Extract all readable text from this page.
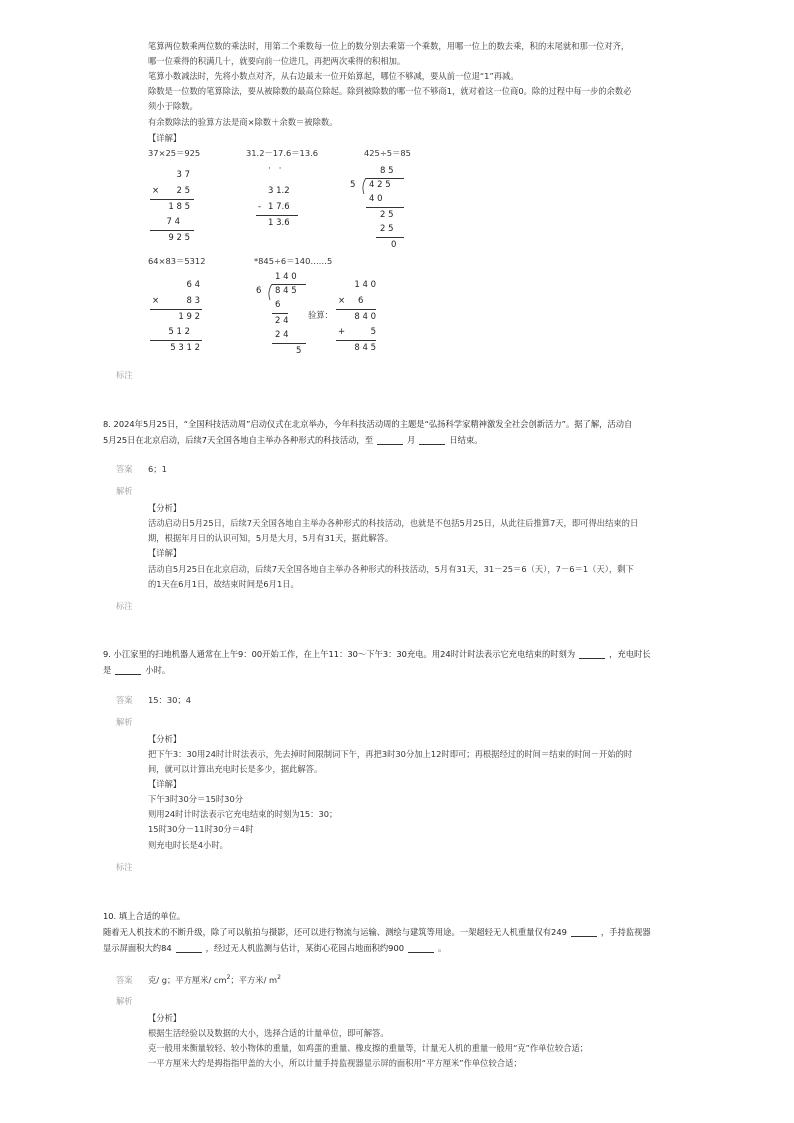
笔算两位数乘两位数的乘法时，用第二个乘数每一位上的数分别去乘第一个乘数，用哪一位上的数去乘，积的末尾就和那一位对齐，
哪一位乘得的积满几十，就要向前一位进几，再把两次乘得的积相加。
笔算小数减法时，先将小数点对齐，从右边最末一位开始算起，哪位不够减，要从前一位退“1”再减。
除数是一位数的笔算除法，要从被除数的最高位除起。除到被除数的哪一位不够商1，就对着这一位商0。除的过程中每一步的余数必
须小于除数。
有余数除法的验算方法是商×除数＋余数＝被除数。
【详解】
37×25＝925	31.2－17.6＝13.6	425÷5＝85
3 7
× 2 5
1 8 5
7 4
9 2 5
·   ·
3 1.2
- 1 7.6
1 3.6
8 5
5 4 2 5
4 0
2 5
2 5
0
64×83＝5312	*845÷6＝140……5
6 4
×	8 3
1 9 2
5 1 2
5 3 1 2
1 4 0
6 8 4 5
6
2 4
2 4
5
验算：
1 4 0
× 6
8 4 0
+	5
8 4 5
标注
8. 2024年5月25日，“全国科技活动周”启动仪式在北京举办，今年科技活动周的主题是“弘扬科学家精神激发全社会创新活力”。据了解，活动自
5月25日在北京启动，后续7天全国各地自主举办各种形式的科技活动，至	月	日结束。
答案 6；1
解析
【分析】
活动启动日5月25日，后续7天全国各地自主举办各种形式的科技活动，也就是不包括5月25日，从此往后推算7天，即可得出结束的日
期，根据年月日的认识可知，5月是大月，5月有31天，据此解答。
【详解】
活动自5月25日在北京启动，后续7天全国各地自主举办各种形式的科技活动，5月有31天，31－25＝6（天），7－6＝1（天），剩下
的1天在6月1日，故结束时间是6月1日。
标注
9. 小江家里的扫地机器人通常在上午9：00开始工作，在上午11：30～下午3：30充电。用24时计时法表示它充电结束的时刻为	，充电时长
是	小时。
答案 15：30；4
解析
【分析】
把下午3：30用24时计时法表示，先去掉时间限制词下午，再把3时30分加上12时即可；再根据经过的时间＝结束的时间－开始的时
间，就可以计算出充电时长是多少，据此解答。
【详解】
下午3时30分＝15时30分
则用24时计时法表示它充电结束的时刻为15：30；
15时30分－11时30分＝4时
则充电时长是4小时。
标注
10. 填上合适的单位。
随着无人机技术的不断升级，除了可以航拍与摄影，还可以进行物流与运输、测绘与建筑等用途。一架超轻无人机重量仅有249	，手持监视器
显示屏面积大约84	，经过无人机监测与估计，某街心花园占地面积约900	。
答案 克/ g；平方厘米/ $cm^2$；平方米/ $m^2$
解析
【分析】
根据生活经验以及数据的大小，选择合适的计量单位，即可解答。
克一般用来衡量较轻、较小物体的重量，如鸡蛋的重量、橡皮擦的重量等，计量无人机的重量一般用“克”作单位较合适；
一平方厘米大约是拇指指甲盖的大小，所以计量手持监视器显示屏的面积用“平方厘米”作单位较合适；
